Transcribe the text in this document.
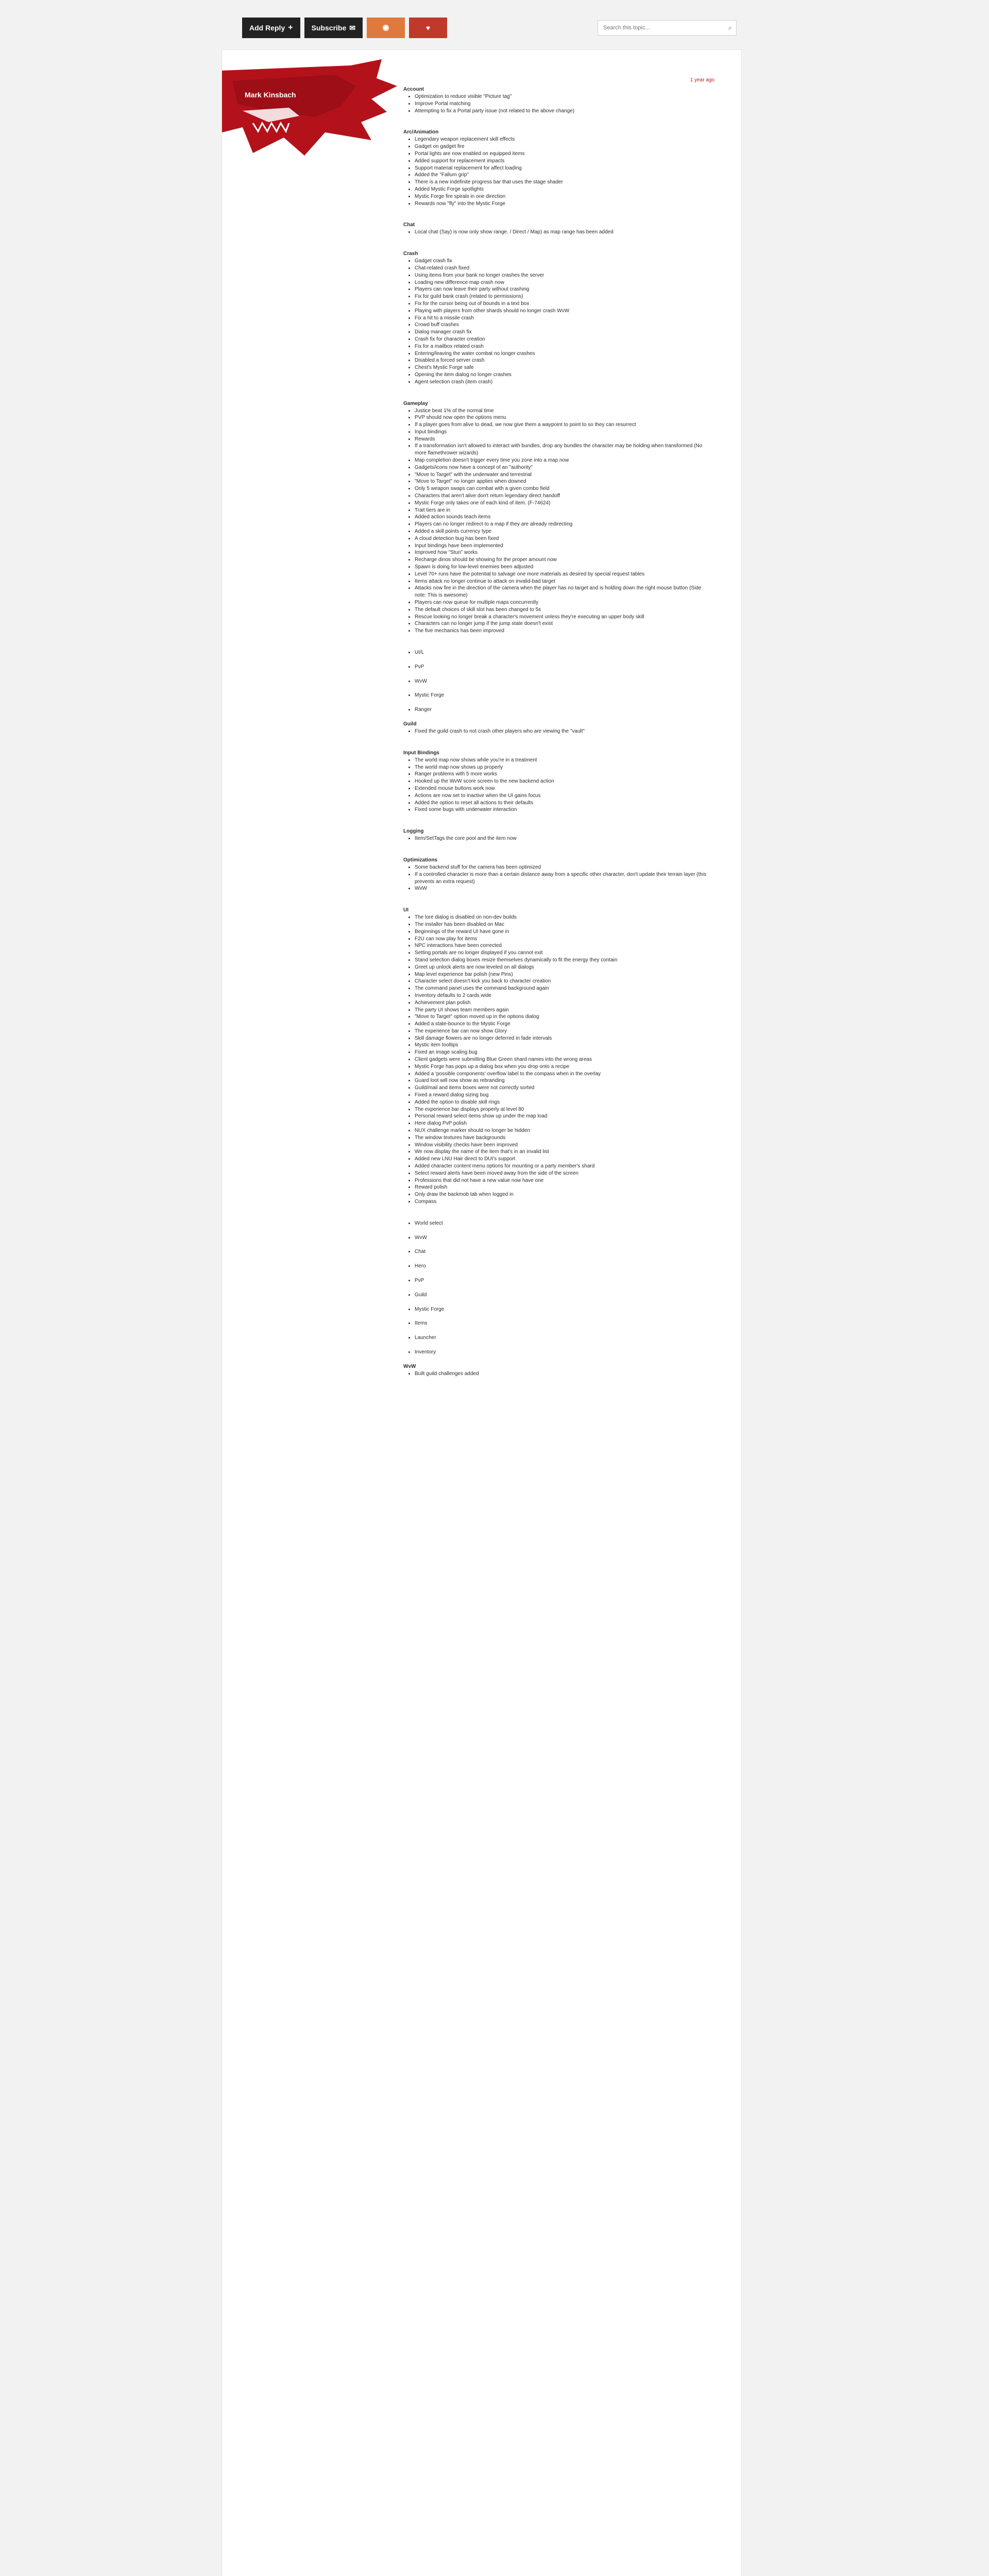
Add Reply +	Subscribe ✉	◉	♥
Search this topic...	⌕
Mark Kinsbach
1 year ago
Account
• Optimization to reduce visible "Picture tag"
• Improve Portal matching
• Attempting to fix a Portal party issue (not related to the above change)
Arc/Animation
• Legendary weapon replacement skill effects
• Gadget on gadget fire
• Portal lights are now enabled on equipped items
• Added support for replacement impacts
• Support material replacement for affect loading
• Added the "Fallum grip"
• There is a new indefinite progress bar that uses the stage shader
• Added Mystic Forge spotlights
• Mystic Forge fire spirals in one direction
• Rewards now "fly" into the Mystic Forge
Chat
• Local chat (Say) is now only show range. / Direct / Map) as map range has been added
Crash
• Gadget crash fix
• Chat-related crash fixed
• Using items from your bank no longer crashes the server
• Loading new difference map crash now
• Players can now leave their party without crashing
• Fix for guild bank crash (related to permissions)
• Fix for the cursor being out of bounds in a text box
• Playing with players from other shards should no longer crash WvW
• Fix a hit to a missile crash
• Crowd buff crashes
• Dialog manager crash fix
• Crash fix for character creation
• Fix for a mailbox related crash
• Entering/leaving the water combat no longer crashes
• Disabled a forced server crash
• Chest's Mystic Forge safe
• Opening the item dialog no longer crashes
• Agent selection crash (item crash)
Gameplay
• Justice beat 1% of the normal time
• PVP should now open the options menu
• If a player goes from alive to dead, we now give them a waypoint to point to so they can resurrect
• Input bindings
• Rewards
• If a transformation isn't allowed to interact with bundles, drop any bundles the character may be holding when transformed (No more flamethrower wizards)
• Map completion doesn't trigger every time you zone into a map now
• Gadgets/icons now have a concept of an "authority"
• "Move to Target" with the underwater and terrestrial
• "Move to Target" no longer applies when downed
• Only 5 weapon swaps can combat with a given combo field
• Characters that aren't alive don't return legendary direct handoff
• Mystic Forge only takes one of each kind of item. (F-74624)
• Trait tiers are in
• Added action sounds teach items
• Players can no longer redirect to a map if they are already redirecting
• Added a skill points currency type
• A cloud detection bug has been fixed
• Input bindings have been implemented
• Improved how "Stun" works
• Recharge dinos should be showing for the proper amount now
• Spawn is doing for low-level enemies been adjusted
• Level 70+ runs have the potential to salvage one more materials as desired by special request tables
• Items attack no longer continue to attack on invalid-bad target
• Attacks now fire in the direction of the camera when the player has no target and is holding down the right mouse button (Side note: This is awesome)
• Players can now queue for multiple maps concurrently
• The default choices of skill slot has been changed to 5s
• Rescue looking no longer break a character's movement unless they're executing an upper body skill
• Characters can no longer jump if the jump state doesn't exist
• The five mechanics has been improved
• UI/L
• PvP
• WvW
• Mystic Forge
• Ranger
Guild
• Fixed the guild crash to not crash other players who are viewing the "vault"
Input Bindings
• The world map now shows while you're in a treatment
• The world map now shows up properly
• Ranger problems with 5 more works
• Hooked up the WvW score screen to the new backend action
• Extended mouse buttons work now
• Actions are now set to inactive when the UI gains focus
• Added the option to reset all actions to their defaults
• Fixed some bugs with underwater interaction
Logging
• Item/SetTags the core pool and the item now
Optimizations
• Some backend stuff for the camera has been optimized
• If a controlled character is more than a certain distance away from a specific other character, don't update their terrain layer (this prevents an extra request)
• WvW
UI
• The lore dialog is disabled on non-dev builds
• The installer has been disabled on Mac
• Beginnings of the reward UI have gone in
• F2U can now play for items
• NPC interactions have been corrected
• Setting portals are no longer displayed if you cannot exit
• Stand selection dialog boxes resize themselves dynamically to fit the energy they contain
• Greet up unlock alerts are now leveled on all dialogs
• Map level experience bar polish (new Pins)
• Character select doesn't kick you back to character creation
• The command panel uses the command background again
• Inventory defaults to 2 cards wide
• Achievement plan polish
• The party UI shows team members again
• "Move to Target" option moved up in the options dialog
• Added a state-bounce to the Mystic Forge
• The experience bar can now show Glory
• Skill damage flowers are no longer deferred in fade intervals
• Mystic item tooltips
• Fixed an image scaling bug
• Client gadgets were submitting Blue Green shard names into the wrong areas
• Mystic Forge has pops up a dialog box when you drop onto a recipe
• Added a 'possible components' overflow label to the compass when in the overlay
• Guard loot will now show as rebranding
• Guild/mail and items boxes were not correctly sorted
• Fixed a reward dialog sizing bug
• Added the option to disable skill rings
• The experience bar displays properly at level 80
• Personal reward select items show up under the map load
• Here dialog PvP polish
• NUX challenge marker should no longer be hidden
• The window textures have backgrounds
• Window visibility checks have been improved
• We now display the name of the item that's in an invalid list
• Added new LNU Hair direct to DUI's support
• Added character content menu options for mounting or a party member's shard
• Select reward alerts have been moved away from the side of the screen
• Professions that did not have a new value now have one
• Reward polish
• Only draw the backmob tab when logged in
• Compass
• World select
• WvW
• Chat
• Hero
• PvP
• Guild
• Mystic Forge
• Items
• Launcher
• Inventory
WvW
• Built guild challenges added
